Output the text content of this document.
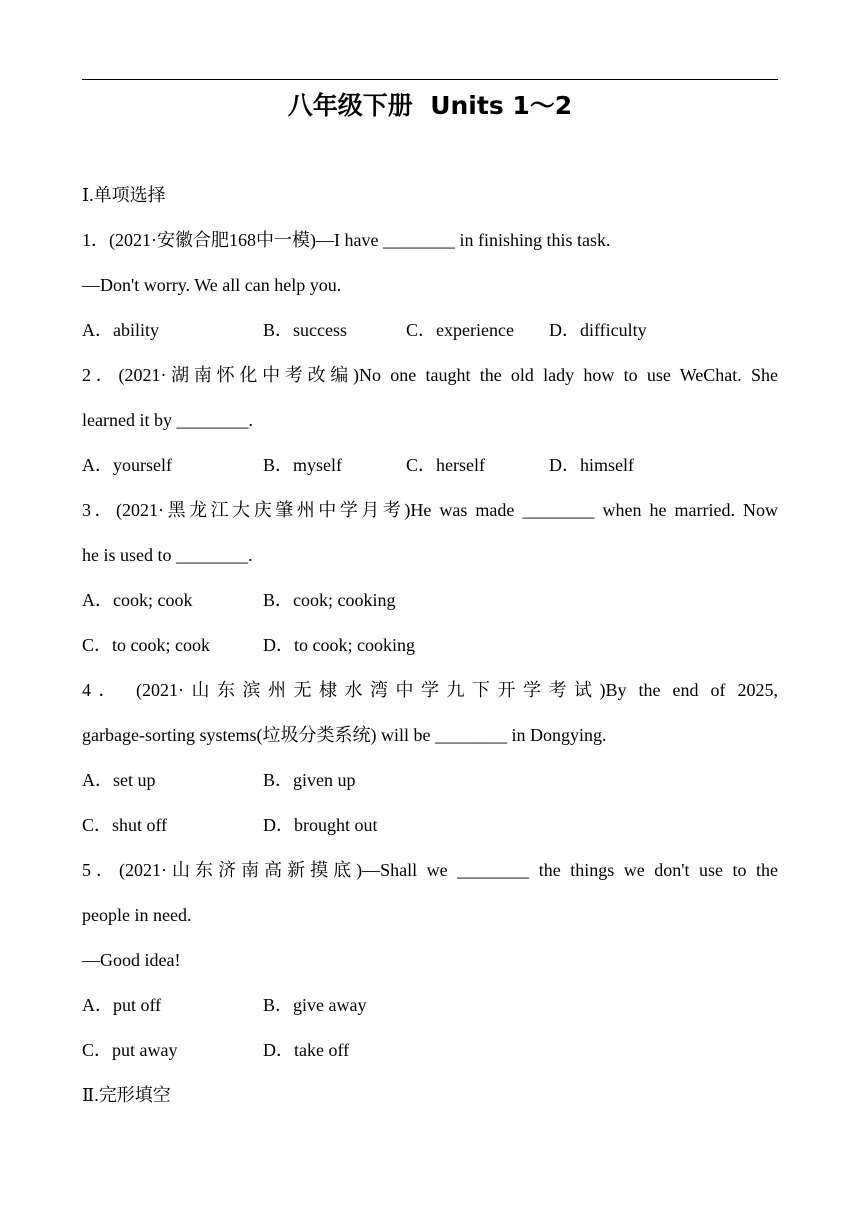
八年级下册  Units 1～2
Ⅰ.单项选择
1．(2021·安徽合肥168中一模)—I have ________ in finishing this task.
—Don't worry. We all can help you.
A．ability	B．success	C．experience D．difficulty
2．(2021·湖南怀化中考改编)No one taught the old lady how to use WeChat. She
learned it by ________.
A．yourself	B．myself	C．herself	D．himself
3．(2021·黑龙江大庆肇州中学月考)He was made ________ when he married. Now
he is used to ________.
A．cook; cook	B．cook; cooking
C．to cook; cook	D．to cook; cooking
4． (2021·山东滨州无棣水湾中学九下开学考试)By the end of 2025,
garbage-sorting systems(垃圾分类系统) will be ________ in Dongying.
A．set up	B．given up
C．shut off	D．brought out
5．(2021·山东济南高新摸底)—Shall we ________ the things we don't use to the
people in need.
—Good idea!
A．put off	B．give away
C．put away	D．take off
Ⅱ.完形填空
